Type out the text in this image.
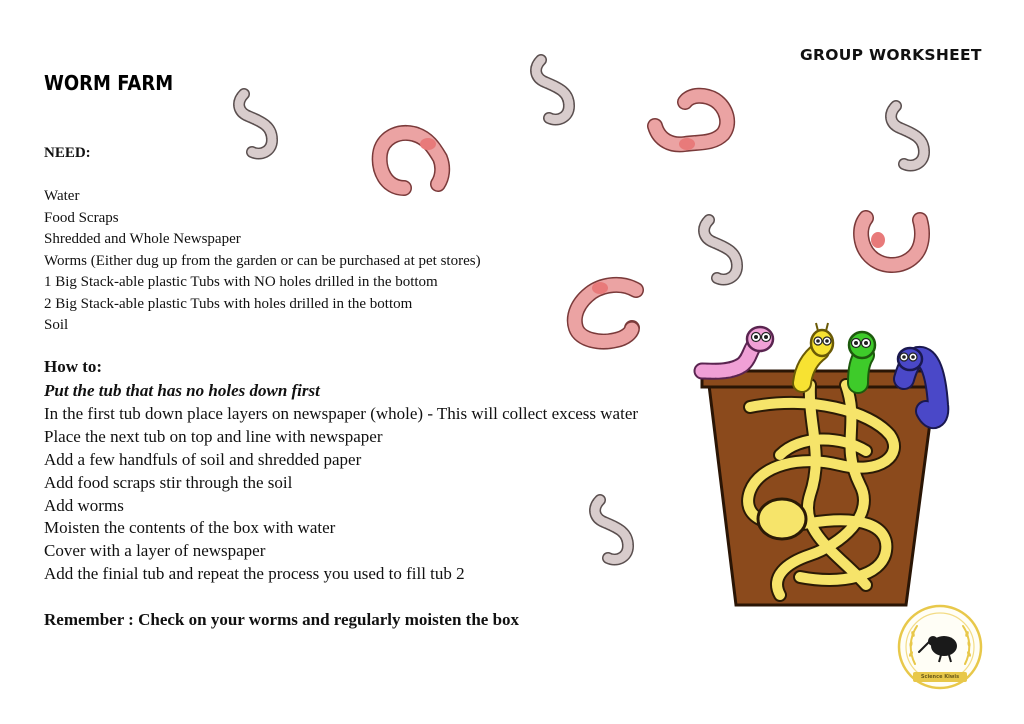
GROUP WORKSHEET
WORM FARM
NEED:
Water
Food Scraps
Shredded and Whole Newspaper
Worms (Either dug up from the garden or can be purchased at pet stores)
1 Big Stack-able plastic Tubs with NO holes drilled in the bottom
2 Big Stack-able plastic Tubs with holes drilled in the bottom
Soil
How to:
Put the tub that has no holes down first
In the first tub down place layers on newspaper (whole) - This will collect excess water
Place the next tub on top and line with newspaper
Add a few handfuls of soil and shredded paper
Add food scraps stir through the soil
Add worms
Moisten the contents of the box with water
Cover with a layer of newspaper
Add the finial tub and repeat the process you used to fill tub 2
Remember : Check on your worms and regularly moisten the box
Science Kiwis
